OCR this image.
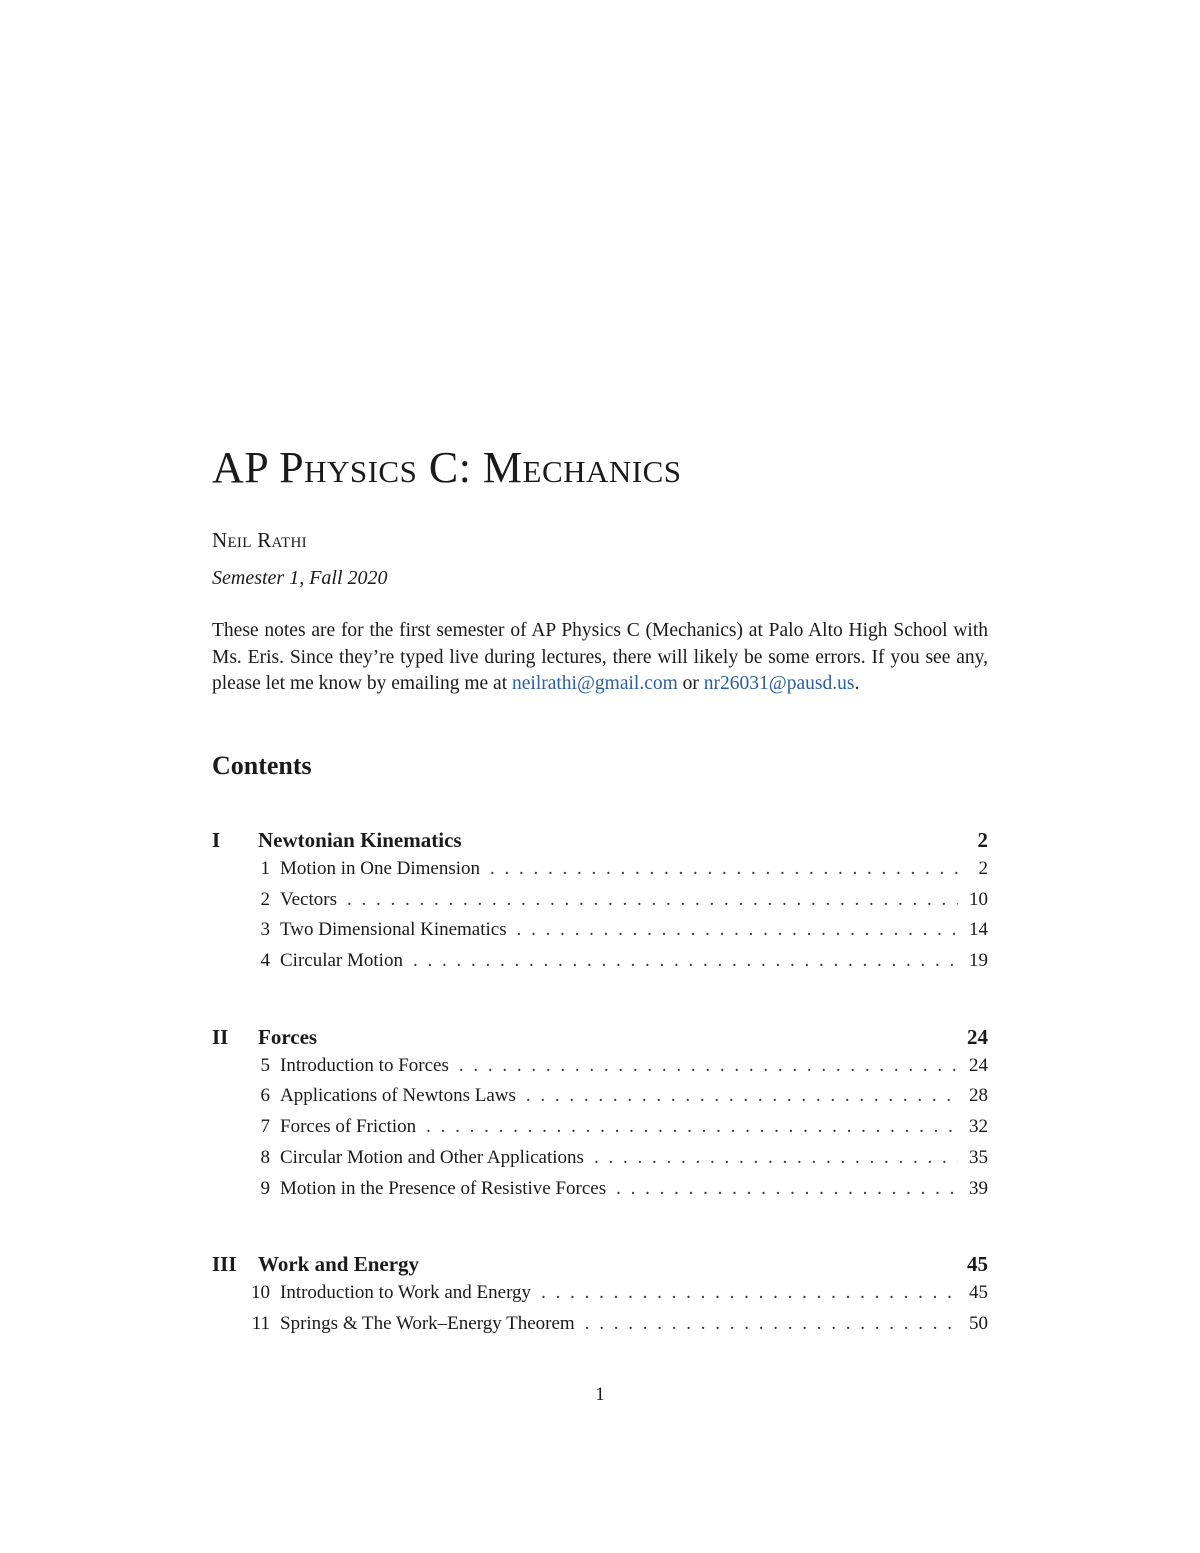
AP Physics C: Mechanics
Neil Rathi
Semester 1, Fall 2020

These notes are for the first semester of AP Physics C (Mechanics) at Palo Alto High School with Ms. Eris. Since they’re typed live during lectures, there will likely be some errors. If you see any, please let me know by emailing me at neilrathi@gmail.com or nr26031@pausd.us.

Contents
I	Newtonian Kinematics	2
1 Motion in One Dimension . . .	2
2 Vectors . . .	10
3 Two Dimensional Kinematics . . .	14
4 Circular Motion . . .	19
II	Forces	24
5 Introduction to Forces . . .	24
6 Applications of Newtons Laws . . .	28
7 Forces of Friction . . .	32
8 Circular Motion and Other Applications . . .	35
9 Motion in the Presence of Resistive Forces . . .	39
III	Work and Energy	45
10 Introduction to Work and Energy . . .	45
11 Springs & The Work–Energy Theorem . . .	50
1
